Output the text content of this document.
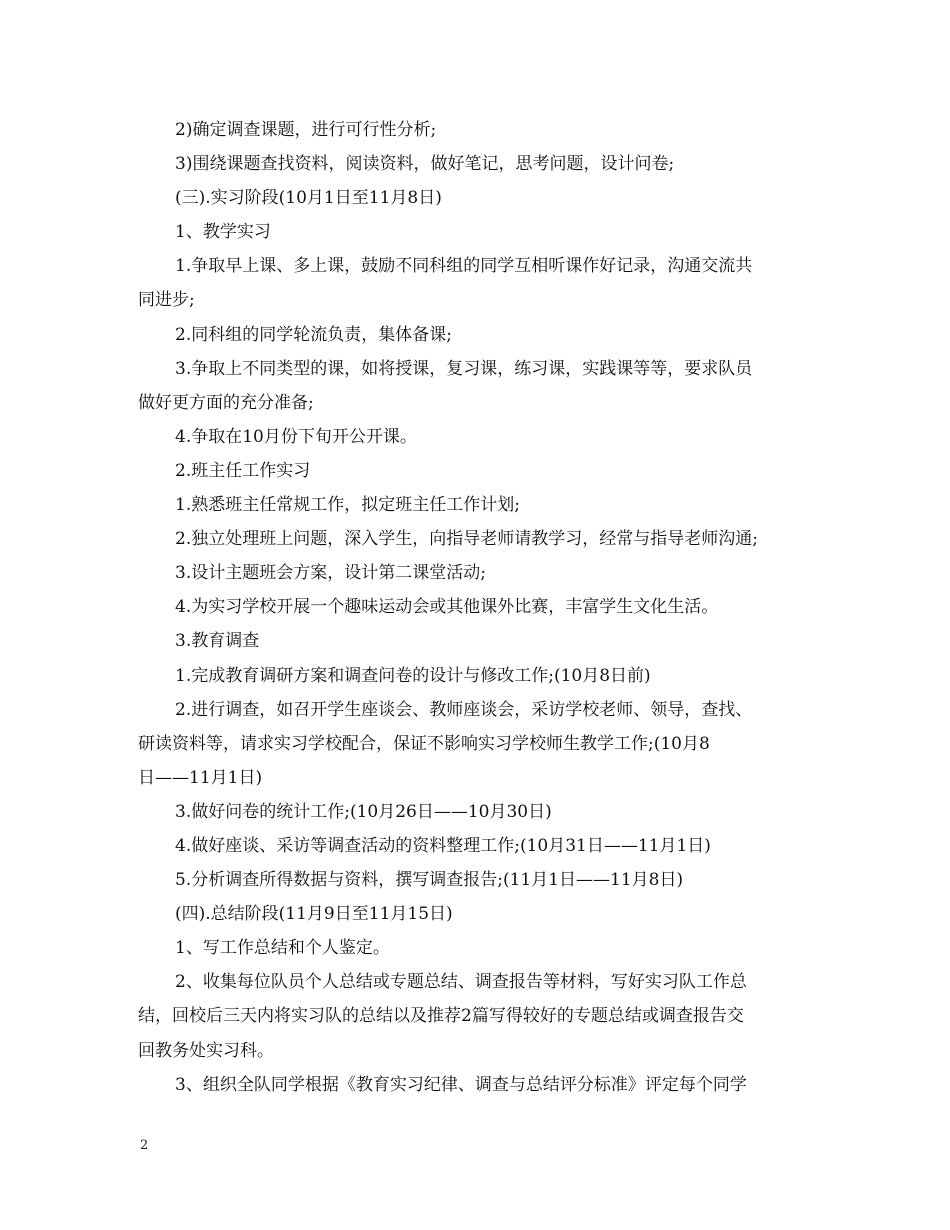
2)确定调查课题，进行可行性分析;
3)围绕课题查找资料，阅读资料，做好笔记，思考问题，设计问卷;
(三).实习阶段(10月1日至11月8日)
1、教学实习
1.争取早上课、多上课，鼓励不同科组的同学互相听课作好记录，沟通交流共
同进步;
2.同科组的同学轮流负责，集体备课;
3.争取上不同类型的课，如将授课，复习课，练习课，实践课等等，要求队员
做好更方面的充分准备;
4.争取在10月份下旬开公开课。
2.班主任工作实习
1.熟悉班主任常规工作，拟定班主任工作计划;
2.独立处理班上问题，深入学生，向指导老师请教学习，经常与指导老师沟通;
3.设计主题班会方案，设计第二课堂活动;
4.为实习学校开展一个趣味运动会或其他课外比赛，丰富学生文化生活。
3.教育调查
1.完成教育调研方案和调查问卷的设计与修改工作;(10月8日前)
2.进行调查，如召开学生座谈会、教师座谈会，采访学校老师、领导，查找、
研读资料等，请求实习学校配合，保证不影响实习学校师生教学工作;(10月8
日——11月1日)
3.做好问卷的统计工作;(10月26日——10月30日)
4.做好座谈、采访等调查活动的资料整理工作;(10月31日——11月1日)
5.分析调查所得数据与资料，撰写调查报告;(11月1日——11月8日)
(四).总结阶段(11月9日至11月15日)
1、写工作总结和个人鉴定。
2、收集每位队员个人总结或专题总结、调查报告等材料，写好实习队工作总
结，回校后三天内将实习队的总结以及推荐2篇写得较好的专题总结或调查报告交
回教务处实习科。
3、组织全队同学根据《教育实习纪律、调查与总结评分标准》评定每个同学
2
